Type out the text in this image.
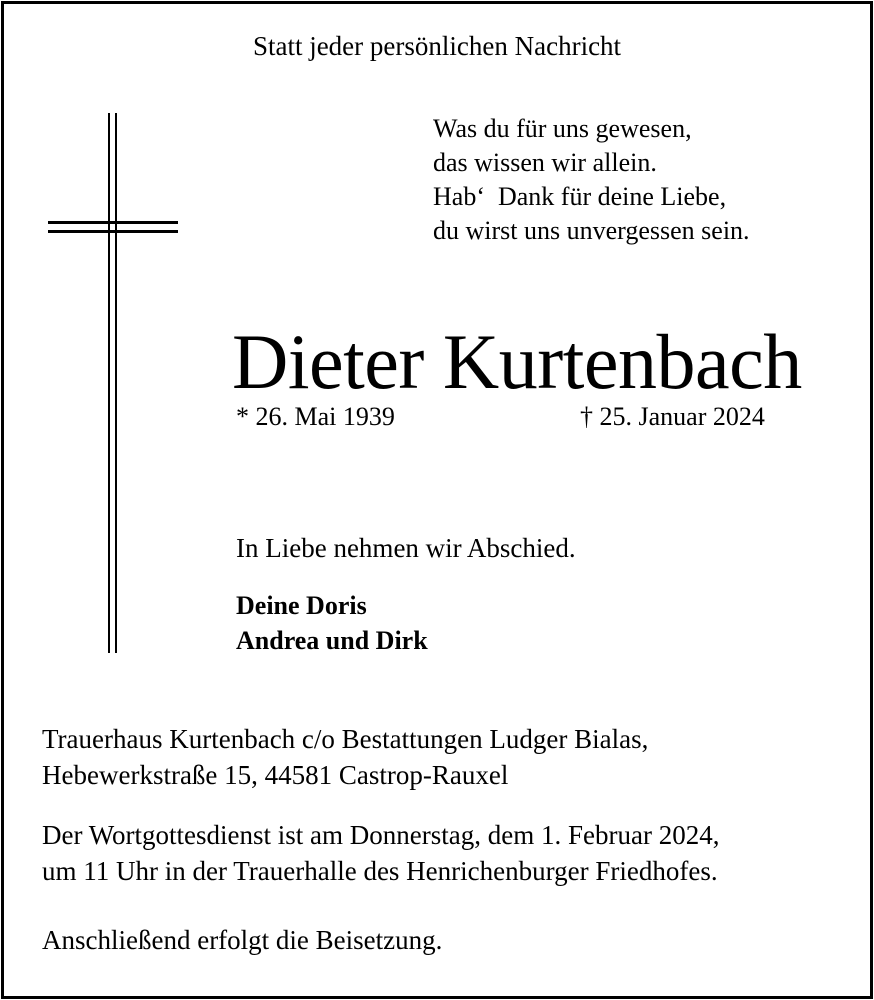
Statt jeder persönlichen Nachricht
Was du für uns gewesen,
das wissen wir allein.
Hab‘  Dank für deine Liebe,
du wirst uns unvergessen sein.
Dieter Kurtenbach
* 26. Mai 1939	† 25. Januar 2024
In Liebe nehmen wir Abschied.
Deine Doris
Andrea und Dirk
Trauerhaus Kurtenbach c/o Bestattungen Ludger Bialas,
Hebewerkstraße 15, 44581 Castrop-Rauxel
Der Wortgottesdienst ist am Donnerstag, dem 1. Februar 2024,
um 11 Uhr in der Trauerhalle des Henrichenburger Friedhofes.
Anschließend erfolgt die Beisetzung.
